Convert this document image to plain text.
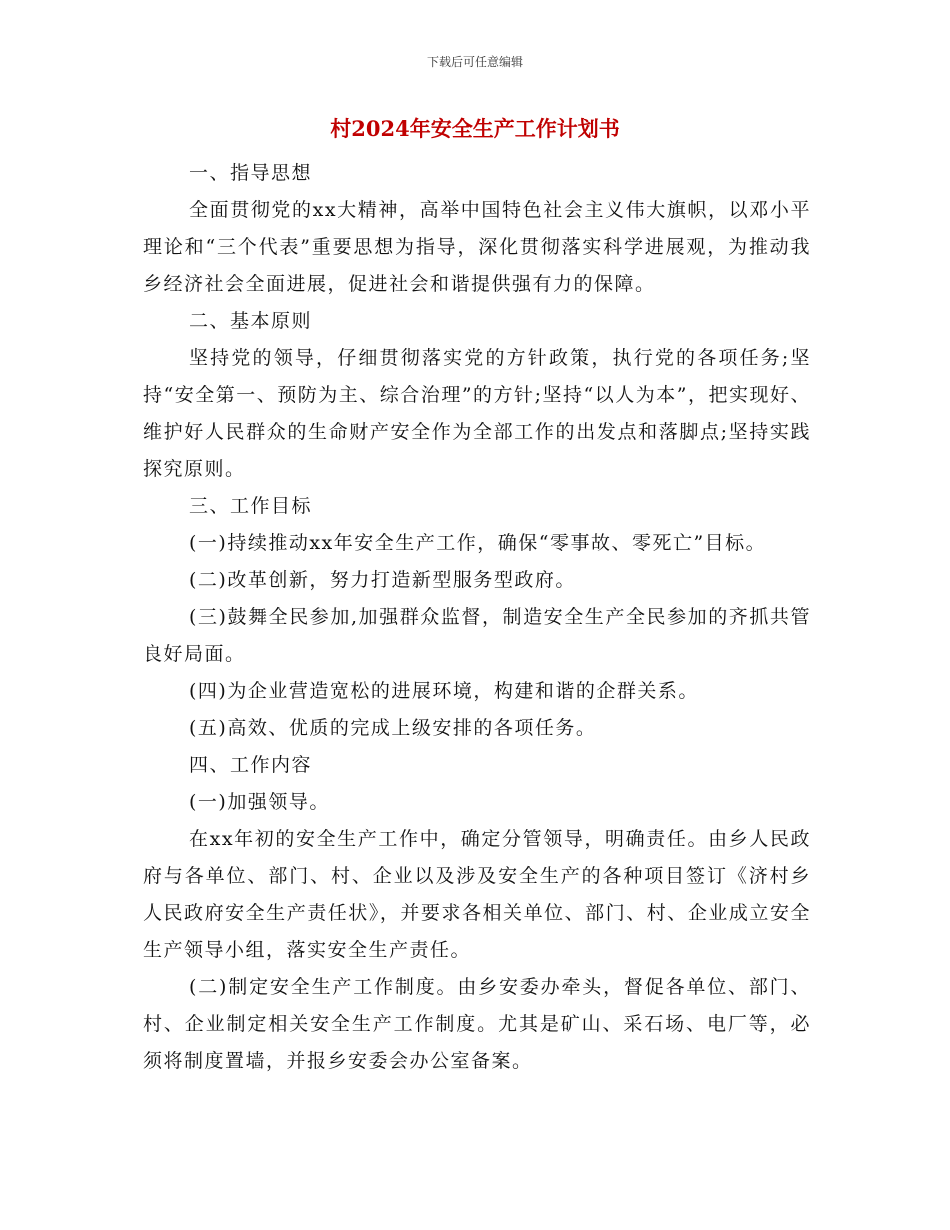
下载后可任意编辑
村2024年安全生产工作计划书

一、指导思想

全面贯彻党的xx大精神，高举中国特色社会主义伟大旗帜，以邓小平理论和“三个代表”重要思想为指导，深化贯彻落实科学进展观，为推动我乡经济社会全面进展，促进社会和谐提供强有力的保障。

二、基本原则

坚持党的领导，仔细贯彻落实党的方针政策，执行党的各项任务;坚持“安全第一、预防为主、综合治理”的方针;坚持“以人为本”，把实现好、维护好人民群众的生命财产安全作为全部工作的出发点和落脚点;坚持实践探究原则。

三、工作目标

(一)持续推动xx年安全生产工作，确保“零事故、零死亡”目标。

(二)改革创新，努力打造新型服务型政府。

(三)鼓舞全民参加,加强群众监督，制造安全生产全民参加的齐抓共管良好局面。

(四)为企业营造宽松的进展环境，构建和谐的企群关系。

(五)高效、优质的完成上级安排的各项任务。

四、工作内容

(一)加强领导。

在xx年初的安全生产工作中，确定分管领导，明确责任。由乡人民政府与各单位、部门、村、企业以及涉及安全生产的各种项目签订《济村乡人民政府安全生产责任状》，并要求各相关单位、部门、村、企业成立安全生产领导小组，落实安全生产责任。

(二)制定安全生产工作制度。由乡安委办牵头，督促各单位、部门、村、企业制定相关安全生产工作制度。尤其是矿山、采石场、电厂等，必须将制度置墙，并报乡安委会办公室备案。
